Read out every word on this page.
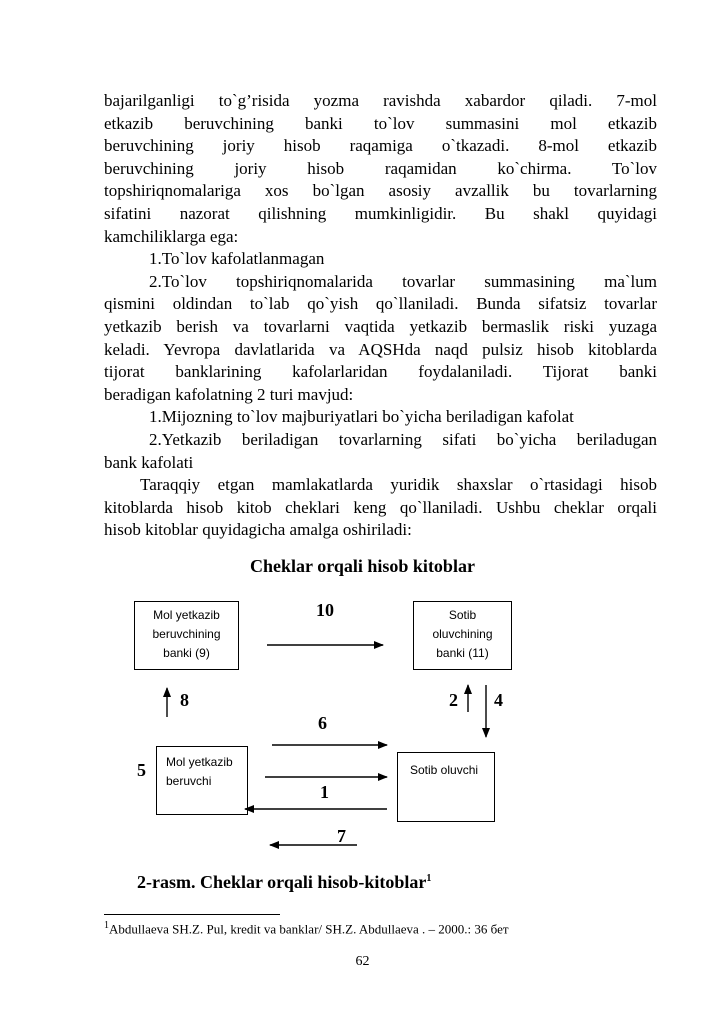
bajarilganligi to`g’risida yozma ravishda xabardor qiladi. 7-mol

etkazib beruvchining banki to`lov summasini mol etkazib

beruvchining joriy hisob raqamiga o`tkazadi. 8-mol etkazib

beruvchining joriy hisob raqamidan ko`chirma. To`lov

topshiriqnomalariga xos bo`lgan asosiy avzallik bu tovarlarning

sifatini nazorat qilishning mumkinligidir. Bu shakl quyidagi

kamchiliklarga ega:

1.To`lov kafolatlanmagan

2.To`lov topshiriqnomalarida tovarlar summasining ma`lum

qismini oldindan to`lab qo`yish qo`llaniladi. Bunda sifatsiz tovarlar

yetkazib berish va tovarlarni vaqtida yetkazib bermaslik riski yuzaga

keladi. Yevropa davlatlarida va AQSHda naqd pulsiz hisob kitoblarda

tijorat banklarining kafolarlaridan foydalaniladi. Tijorat banki

beradigan kafolatning 2 turi mavjud:

1.Mijozning to`lov majburiyatlari bo`yicha beriladigan kafolat

2.Yetkazib beriladigan tovarlarning sifati bo`yicha beriladugan

bank kafolati

Taraqqiy etgan mamlakatlarda yuridik shaxslar o`rtasidagi hisob

kitoblarda hisob kitob cheklari keng qo`llaniladi. Ushbu cheklar orqali

hisob kitoblar quyidagicha amalga oshiriladi:

Cheklar orqali hisob kitoblar

Mol yetkazib
beruvchining
banki (9)
Sotib
oluvchining
banki (11)
Mol yetkazib
beruvchi
Sotib oluvchi
10
8	2 4
6
5
1
7

2-rasm. Cheklar orqali hisob-kitoblar$^1$

$^1$Abdullaeva SH.Z. Pul, kredit va banklar/ SH.Z. Abdullaeva . – 2000.: 36 бет

62
